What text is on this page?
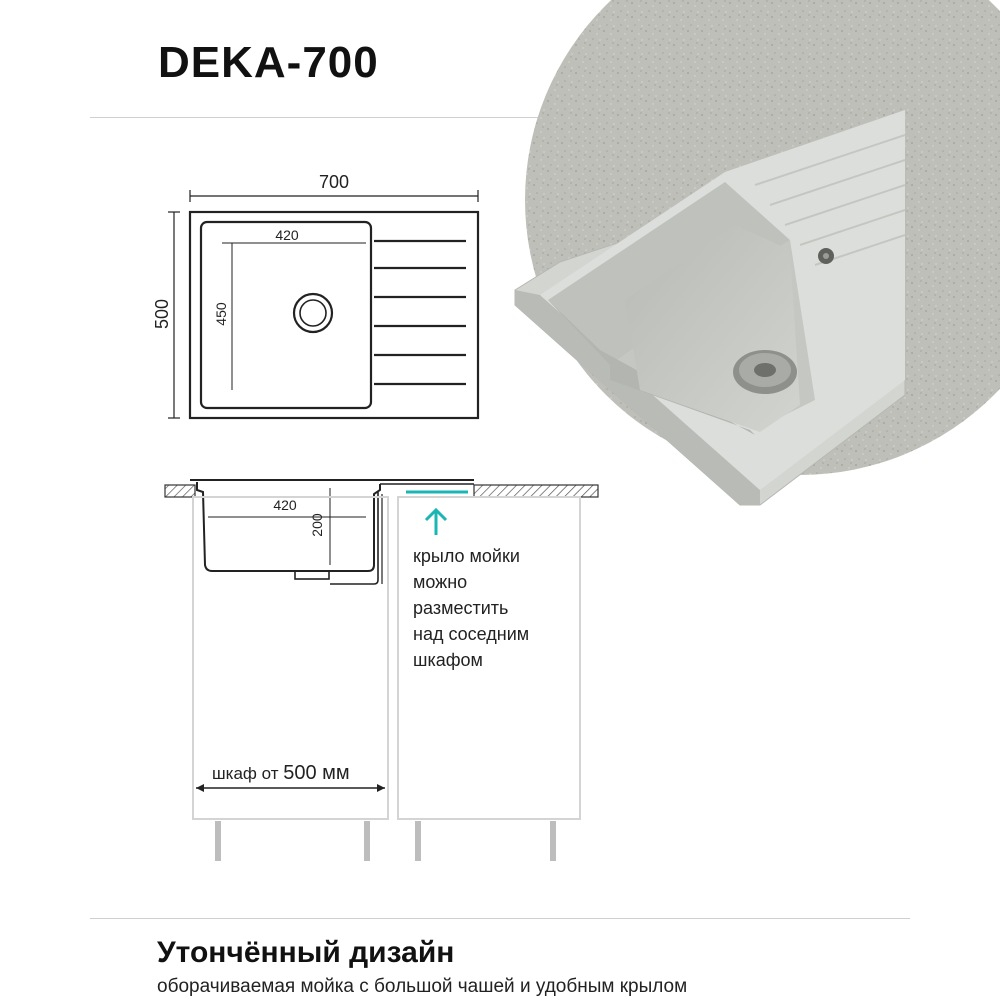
DEKA-700
700
500
420
450
420
200
крыло мойки
можно
разместить
над соседним
шкафом
шкаф от 500 мм
Утончённый дизайн
оборачиваемая мойка с большой чашей и удобным крылом
